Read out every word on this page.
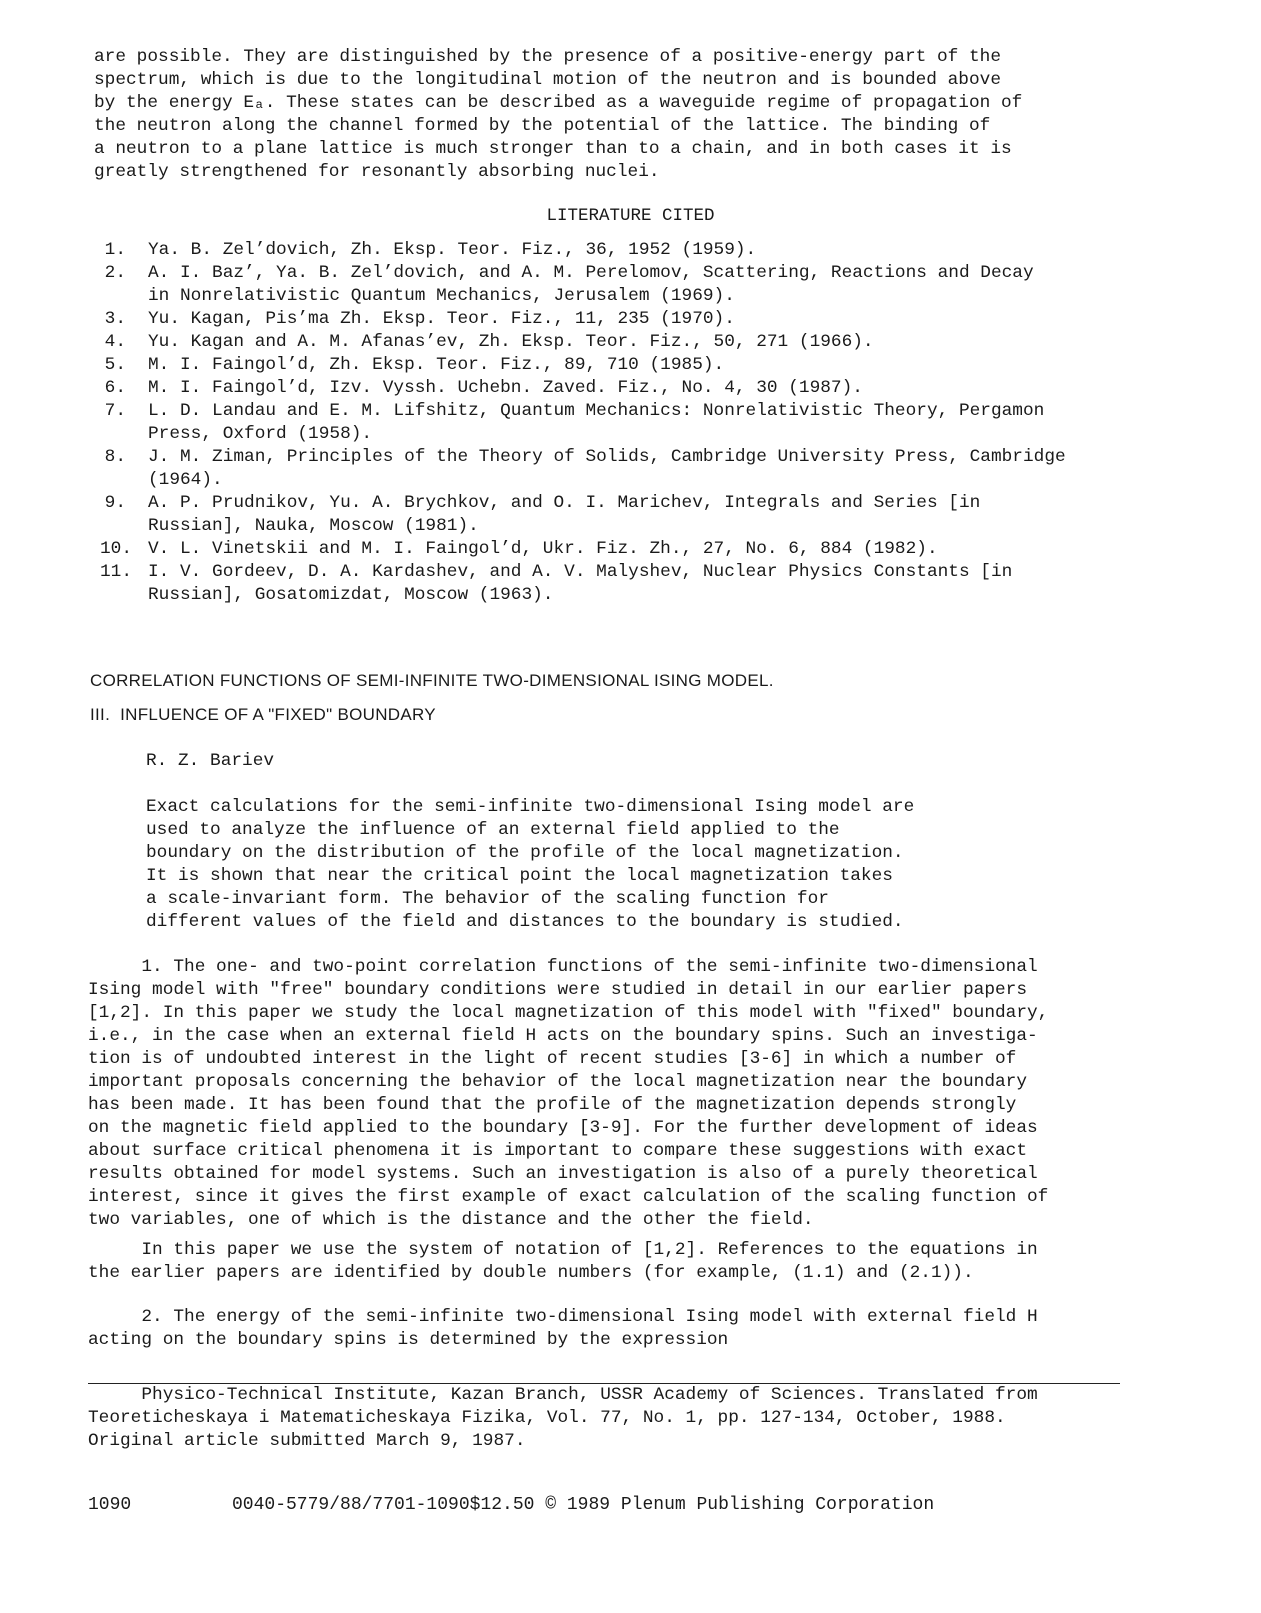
are possible. They are distinguished by the presence of a positive-energy part of the
spectrum, which is due to the longitudinal motion of the neutron and is bounded above
by the energy Eₐ. These states can be described as a waveguide regime of propagation of
the neutron along the channel formed by the potential of the lattice. The binding of
a neutron to a plane lattice is much stronger than to a chain, and in both cases it is
greatly strengthened for resonantly absorbing nuclei.

LITERATURE CITED
1.	Ya. B. Zel’dovich, Zh. Eksp. Teor. Fiz., 36, 1952 (1959).
2.	A. I. Baz’, Ya. B. Zel’dovich, and A. M. Perelomov, Scattering, Reactions and Decay
in Nonrelativistic Quantum Mechanics, Jerusalem (1969).
3.	Yu. Kagan, Pis’ma Zh. Eksp. Teor. Fiz., 11, 235 (1970).
4.	Yu. Kagan and A. M. Afanas’ev, Zh. Eksp. Teor. Fiz., 50, 271 (1966).
5.	M. I. Faingol’d, Zh. Eksp. Teor. Fiz., 89, 710 (1985).
6.	M. I. Faingol’d, Izv. Vyssh. Uchebn. Zaved. Fiz., No. 4, 30 (1987).
7.	L. D. Landau and E. M. Lifshitz, Quantum Mechanics: Nonrelativistic Theory, Pergamon
Press, Oxford (1958).
8.	J. M. Ziman, Principles of the Theory of Solids, Cambridge University Press, Cambridge
(1964).
9.	A. P. Prudnikov, Yu. A. Brychkov, and O. I. Marichev, Integrals and Series [in
Russian], Nauka, Moscow (1981).
10. V. L. Vinetskii and M. I. Faingol’d, Ukr. Fiz. Zh., 27, No. 6, 884 (1982).
11. I. V. Gordeev, D. A. Kardashev, and A. V. Malyshev, Nuclear Physics Constants [in
Russian], Gosatomizdat, Moscow (1963).
CORRELATION FUNCTIONS OF SEMI-INFINITE TWO-DIMENSIONAL ISING MODEL.
III.  INFLUENCE OF A "FIXED" BOUNDARY

R. Z. Bariev

Exact calculations for the semi-infinite two-dimensional Ising model are
used to analyze the influence of an external field applied to the
boundary on the distribution of the profile of the local magnetization.
It is shown that near the critical point the local magnetization takes
a scale-invariant form. The behavior of the scaling function for
different values of the field and distances to the boundary is studied.

1. The one- and two-point correlation functions of the semi-infinite two-dimensional
Ising model with "free" boundary conditions were studied in detail in our earlier papers
[1,2]. In this paper we study the local magnetization of this model with "fixed" boundary,
i.e., in the case when an external field H acts on the boundary spins. Such an investiga-
tion is of undoubted interest in the light of recent studies [3-6] in which a number of
important proposals concerning the behavior of the local magnetization near the boundary
has been made. It has been found that the profile of the magnetization depends strongly
on the magnetic field applied to the boundary [3-9]. For the further development of ideas
about surface critical phenomena it is important to compare these suggestions with exact
results obtained for model systems. Such an investigation is also of a purely theoretical
interest, since it gives the first example of exact calculation of the scaling function of
two variables, one of which is the distance and the other the field.

In this paper we use the system of notation of [1,2]. References to the equations in
the earlier papers are identified by double numbers (for example, (1.1) and (2.1)).

2. The energy of the semi-infinite two-dimensional Ising model with external field H
acting on the boundary spins is determined by the expression

Physico-Technical Institute, Kazan Branch, USSR Academy of Sciences. Translated from
Teoreticheskaya i Matematicheskaya Fizika, Vol. 77, No. 1, pp. 127-134, October, 1988.
Original article submitted March 9, 1987.

1090	0040-5779/88/7701-1090$12.50 © 1989 Plenum Publishing Corporation
